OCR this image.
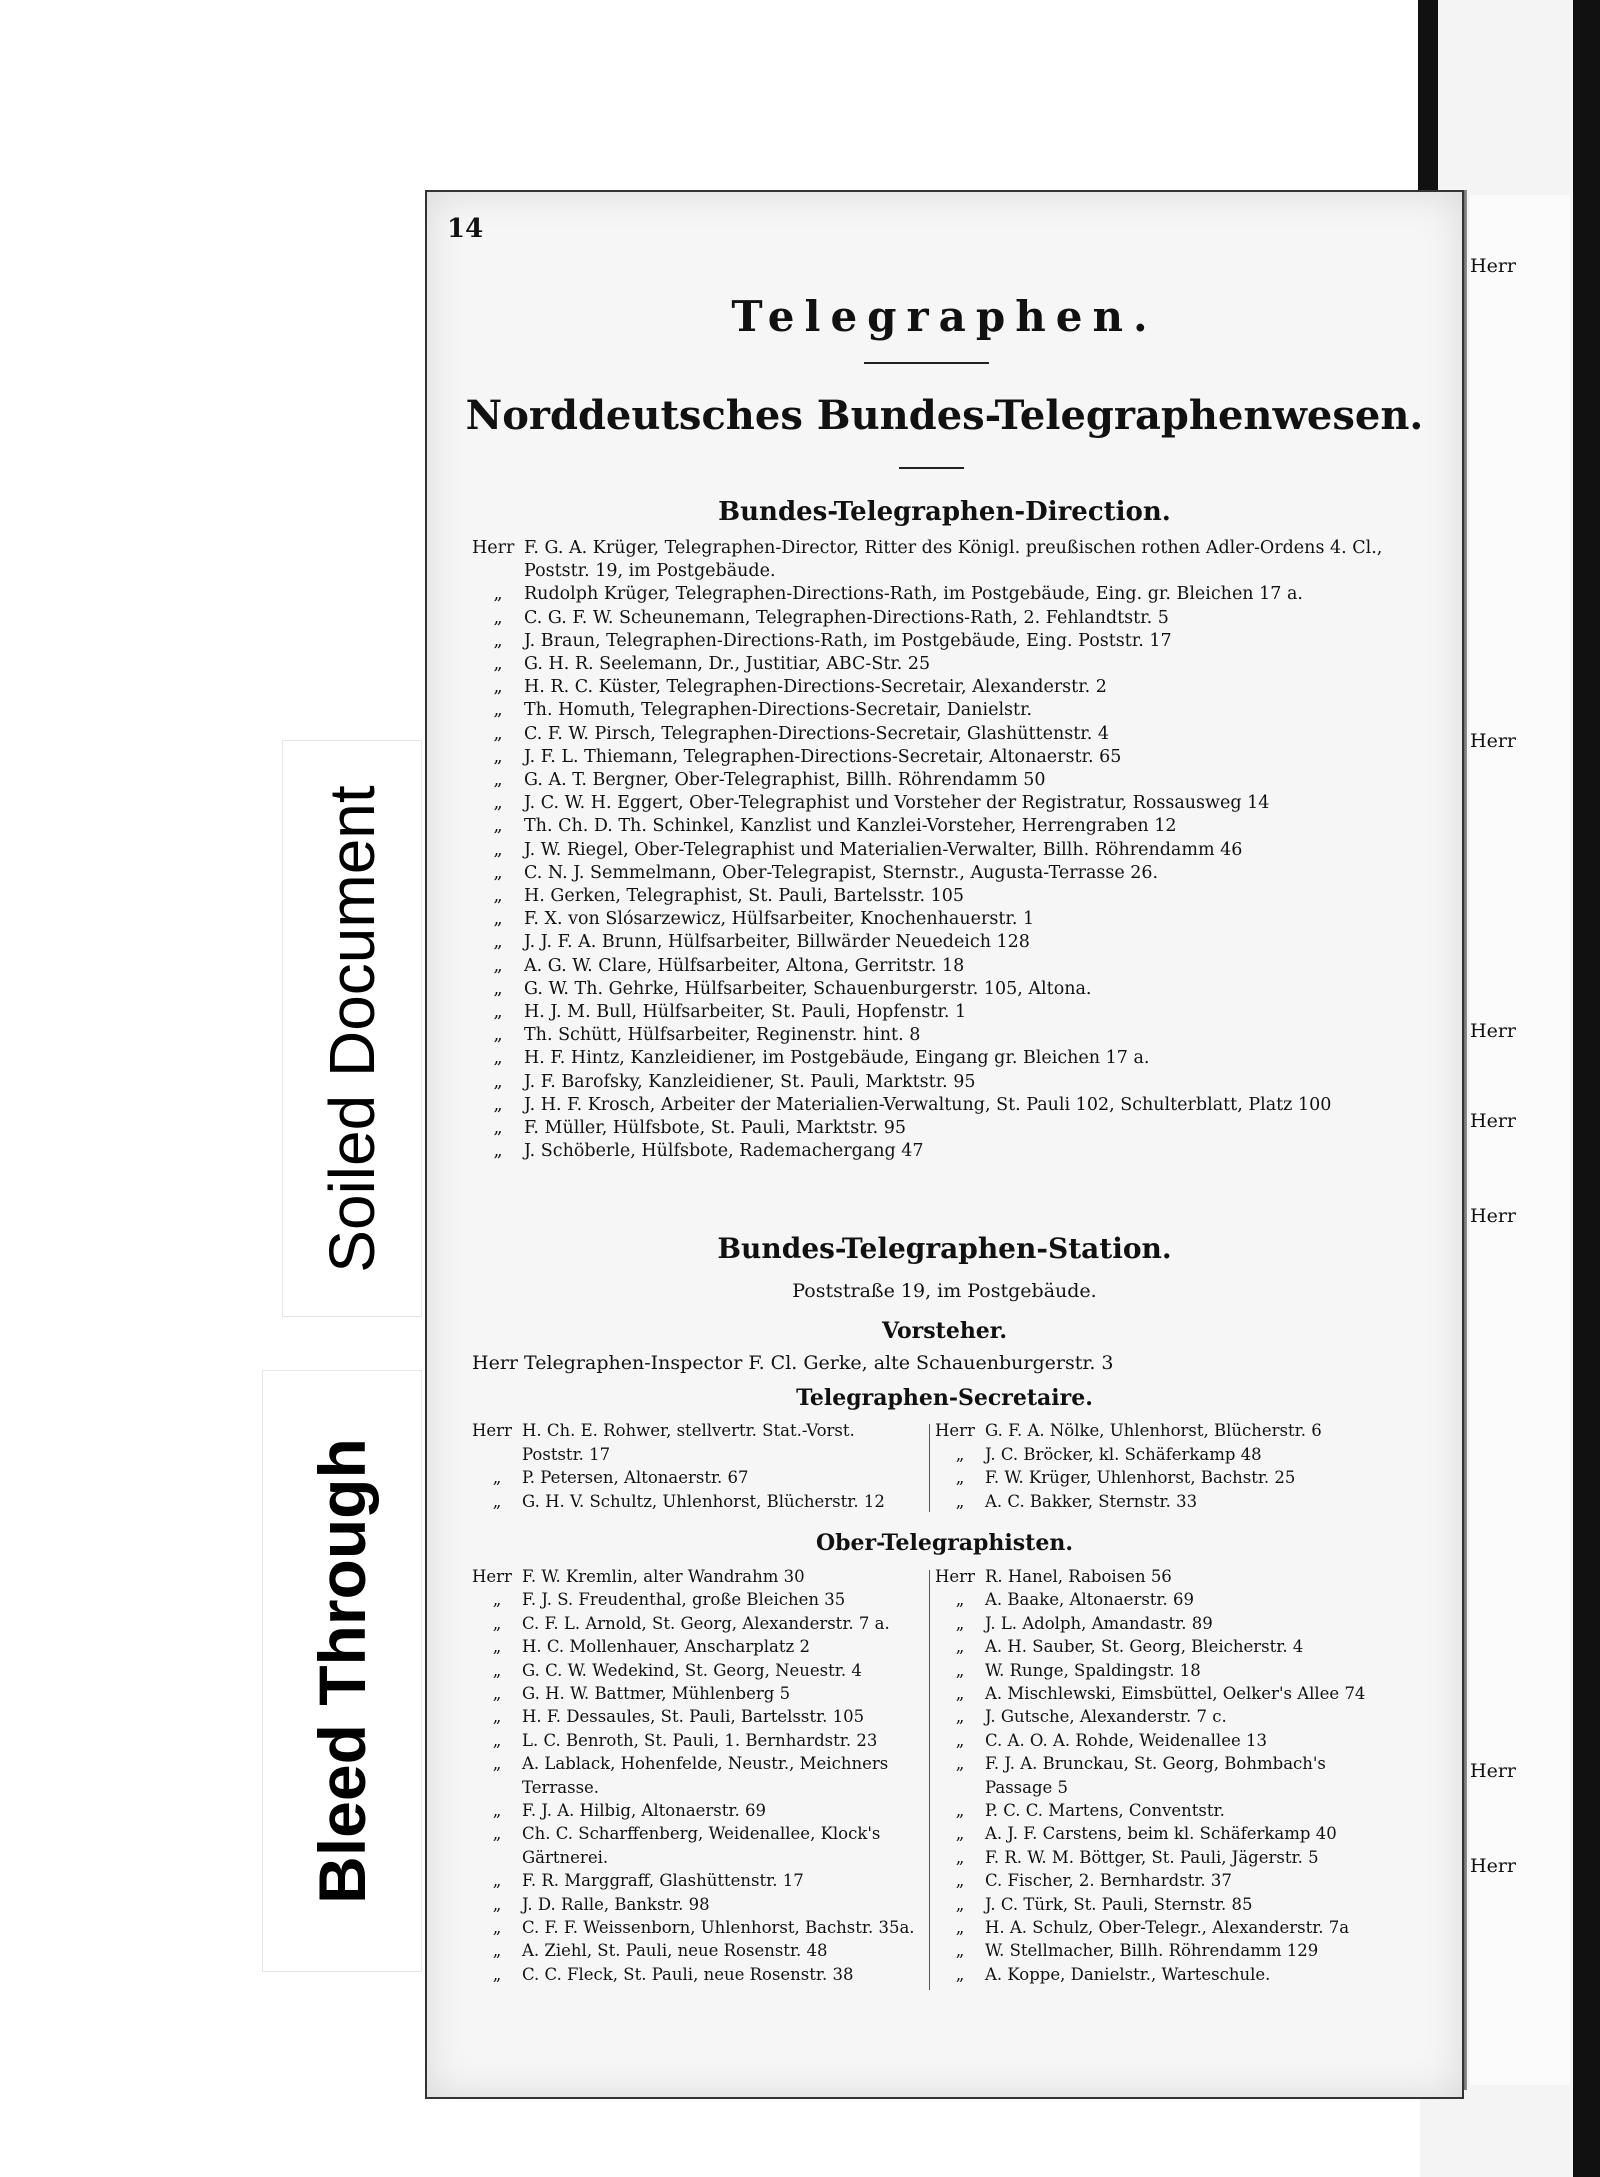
Herr
Herr
Herr
Herr
Herr
Herr
Herr
Soiled Document
Bleed Through
14
Telegraphen.
Norddeutsches Bundes-Telegraphenwesen.
Bundes-Telegraphen-Direction.
Herr F. G. A. Krüger, Telegraphen-Director, Ritter des Königl. preußischen rothen Adler-Ordens 4. Cl.,
Poststr. 19, im Postgebäude.
„ Rudolph Krüger, Telegraphen-Directions-Rath, im Postgebäude, Eing. gr. Bleichen 17 a.
„ C. G. F. W. Scheunemann, Telegraphen-Directions-Rath, 2. Fehlandtstr. 5
„ J. Braun, Telegraphen-Directions-Rath, im Postgebäude, Eing. Poststr. 17
„ G. H. R. Seelemann, Dr., Justitiar, ABC-Str. 25
„ H. R. C. Küster, Telegraphen-Directions-Secretair, Alexanderstr. 2
„ Th. Homuth, Telegraphen-Directions-Secretair, Danielstr.
„ C. F. W. Pirsch, Telegraphen-Directions-Secretair, Glashüttenstr. 4
„ J. F. L. Thiemann, Telegraphen-Directions-Secretair, Altonaerstr. 65
„ G. A. T. Bergner, Ober-Telegraphist, Billh. Röhrendamm 50
„ J. C. W. H. Eggert, Ober-Telegraphist und Vorsteher der Registratur, Rossausweg 14
„ Th. Ch. D. Th. Schinkel, Kanzlist und Kanzlei-Vorsteher, Herrengraben 12
„ J. W. Riegel, Ober-Telegraphist und Materialien-Verwalter, Billh. Röhrendamm 46
„ C. N. J. Semmelmann, Ober-Telegrapist, Sternstr., Augusta-Terrasse 26.
„ H. Gerken, Telegraphist, St. Pauli, Bartelsstr. 105
„ F. X. von Slósarzewicz, Hülfsarbeiter, Knochenhauerstr. 1
„ J. J. F. A. Brunn, Hülfsarbeiter, Billwärder Neuedeich 128
„ A. G. W. Clare, Hülfsarbeiter, Altona, Gerritstr. 18
„ G. W. Th. Gehrke, Hülfsarbeiter, Schauenburgerstr. 105, Altona.
„ H. J. M. Bull, Hülfsarbeiter, St. Pauli, Hopfenstr. 1
„ Th. Schütt, Hülfsarbeiter, Reginenstr. hint. 8
„ H. F. Hintz, Kanzleidiener, im Postgebäude, Eingang gr. Bleichen 17 a.
„ J. F. Barofsky, Kanzleidiener, St. Pauli, Marktstr. 95
„ J. H. F. Krosch, Arbeiter der Materialien-Verwaltung, St. Pauli 102, Schulterblatt, Platz 100
„ F. Müller, Hülfsbote, St. Pauli, Marktstr. 95
„ J. Schöberle, Hülfsbote, Rademachergang 47
Bundes-Telegraphen-Station.
Poststraße 19, im Postgebäude.
Vorsteher.
Herr Telegraphen-Inspector F. Cl. Gerke, alte Schauenburgerstr. 3
Telegraphen-Secretaire.
Herr H. Ch. E. Rohwer, stellvertr. Stat.-Vorst.
Poststr. 17
„ P. Petersen, Altonaerstr. 67
„ G. H. V. Schultz, Uhlenhorst, Blücherstr. 12
Herr G. F. A. Nölke, Uhlenhorst, Blücherstr. 6
„ J. C. Bröcker, kl. Schäferkamp 48
„ F. W. Krüger, Uhlenhorst, Bachstr. 25
„ A. C. Bakker, Sternstr. 33
Ober-Telegraphisten.
Herr F. W. Kremlin, alter Wandrahm 30
„ F. J. S. Freudenthal, große Bleichen 35
„ C. F. L. Arnold, St. Georg, Alexanderstr. 7 a.
„ H. C. Mollenhauer, Anscharplatz 2
„ G. C. W. Wedekind, St. Georg, Neuestr. 4
„ G. H. W. Battmer, Mühlenberg 5
„ H. F. Dessaules, St. Pauli, Bartelsstr. 105
„ L. C. Benroth, St. Pauli, 1. Bernhardstr. 23
„ A. Lablack, Hohenfelde, Neustr., Meichners
Terrasse.
„ F. J. A. Hilbig, Altonaerstr. 69
„ Ch. C. Scharffenberg, Weidenallee, Klock's
Gärtnerei.
„ F. R. Marggraff, Glashüttenstr. 17
„ J. D. Ralle, Bankstr. 98
„ C. F. F. Weissenborn, Uhlenhorst, Bachstr. 35a.
„ A. Ziehl, St. Pauli, neue Rosenstr. 48
„ C. C. Fleck, St. Pauli, neue Rosenstr. 38
Herr R. Hanel, Raboisen 56
„ A. Baake, Altonaerstr. 69
„ J. L. Adolph, Amandastr. 89
„ A. H. Sauber, St. Georg, Bleicherstr. 4
„ W. Runge, Spaldingstr. 18
„ A. Mischlewski, Eimsbüttel, Oelker's Allee 74
„ J. Gutsche, Alexanderstr. 7 c.
„ C. A. O. A. Rohde, Weidenallee 13
„ F. J. A. Brunckau, St. Georg, Bohmbach's
Passage 5
„ P. C. C. Martens, Conventstr.
„ A. J. F. Carstens, beim kl. Schäferkamp 40
„ F. R. W. M. Böttger, St. Pauli, Jägerstr. 5
„ C. Fischer, 2. Bernhardstr. 37
„ J. C. Türk, St. Pauli, Sternstr. 85
„ H. A. Schulz, Ober-Telegr., Alexanderstr. 7a
„ W. Stellmacher, Billh. Röhrendamm 129
„ A. Koppe, Danielstr., Warteschule.
